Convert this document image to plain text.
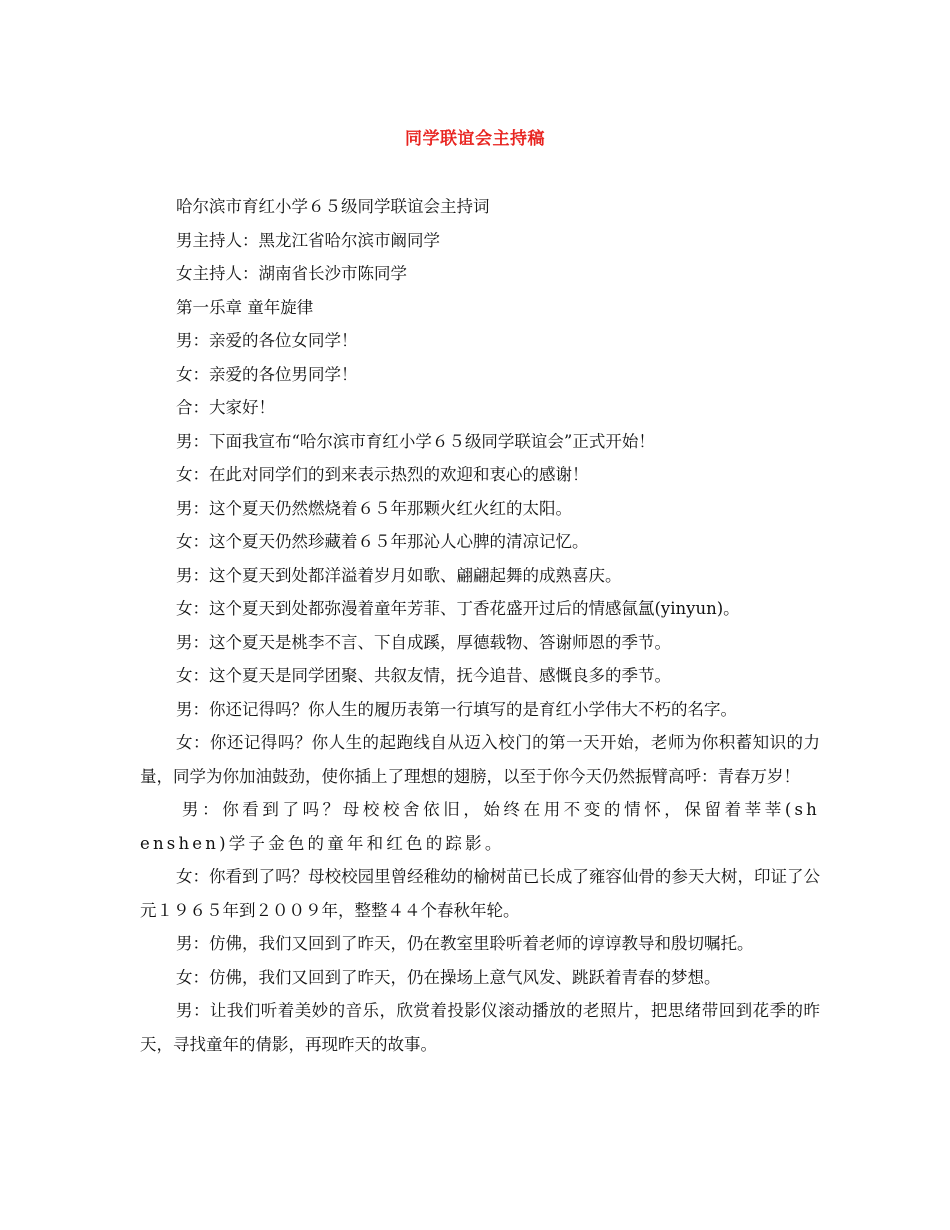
同学联谊会主持稿

哈尔滨市育红小学６５级同学联谊会主持词

男主持人：黑龙江省哈尔滨市阚同学

女主持人：湖南省长沙市陈同学

第一乐章 童年旋律

男：亲爱的各位女同学！

女：亲爱的各位男同学！

合：大家好！

男：下面我宣布“哈尔滨市育红小学６５级同学联谊会”正式开始！

女：在此对同学们的到来表示热烈的欢迎和衷心的感谢！

男：这个夏天仍然燃烧着６５年那颗火红火红的太阳。

女：这个夏天仍然珍藏着６５年那沁人心脾的清凉记忆。

男：这个夏天到处都洋溢着岁月如歌、翩翩起舞的成熟喜庆。

女：这个夏天到处都弥漫着童年芳菲、丁香花盛开过后的情感氤氲(yinyun)。

男：这个夏天是桃李不言、下自成蹊，厚德载物、答谢师恩的季节。

女：这个夏天是同学团聚、共叙友情，抚今追昔、感慨良多的季节。

男：你还记得吗？你人生的履历表第一行填写的是育红小学伟大不朽的名字。

女：你还记得吗？你人生的起跑线自从迈入校门的第一天开始，老师为你积蓄知识的力量，同学为你加油鼓劲，使你插上了理想的翅膀，以至于你今天仍然振臂高呼：青春万岁！

男：你看到了吗？母校校舍依旧，始终在用不变的情怀，保留着莘莘(shenshen)学子金色的童年和红色的踪影。

女：你看到了吗？母校校园里曾经稚幼的榆树苗已长成了雍容仙骨的参天大树，印证了公元１９６５年到２００９年，整整４４个春秋年轮。

男：仿佛，我们又回到了昨天，仍在教室里聆听着老师的谆谆教导和殷切嘱托。

女：仿佛，我们又回到了昨天，仍在操场上意气风发、跳跃着青春的梦想。

男：让我们听着美妙的音乐，欣赏着投影仪滚动播放的老照片，把思绪带回到花季的昨天，寻找童年的倩影，再现昨天的故事。
